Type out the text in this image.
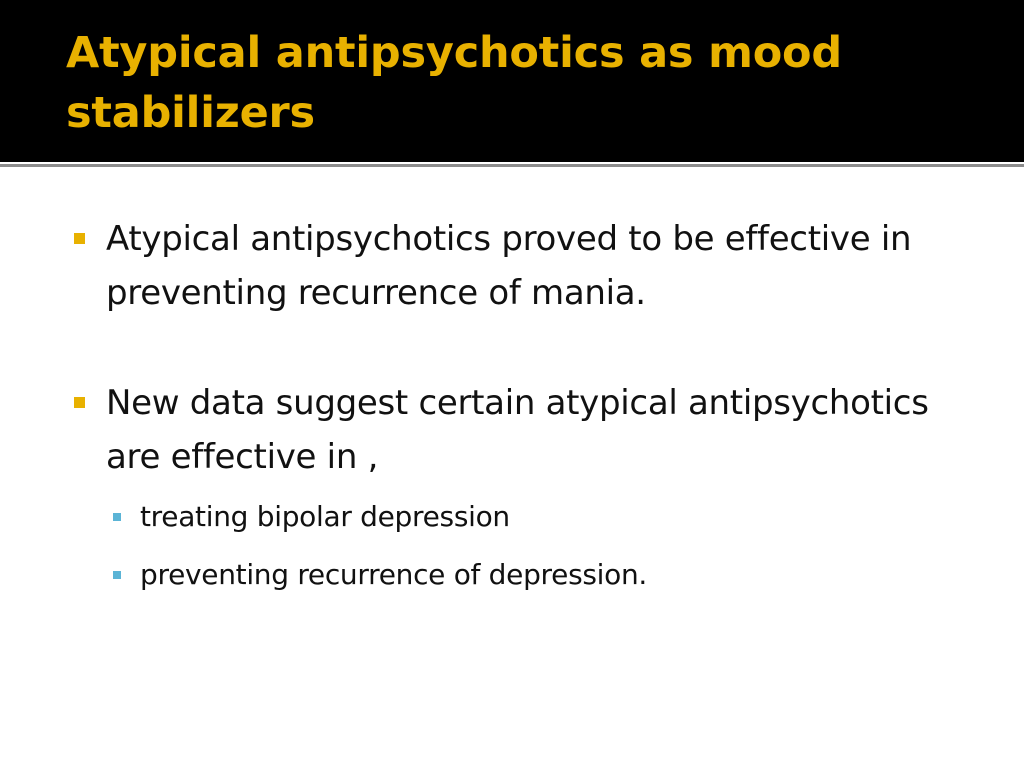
Atypical antipsychotics as mood stabilizers

Atypical antipsychotics proved to be effective in preventing recurrence of mania.

New data suggest certain atypical antipsychotics are effective in ,

treating bipolar depression

preventing recurrence of depression.
